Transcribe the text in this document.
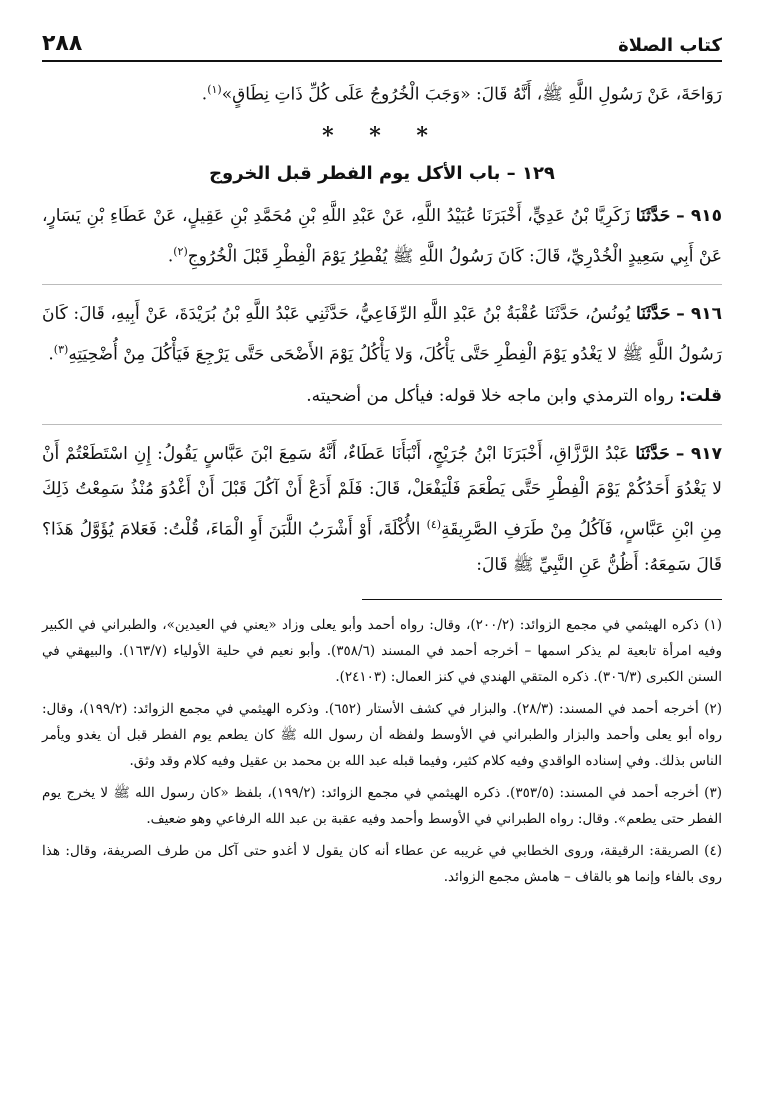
كتاب الصلاة
٢٨٨

رَوَاحَةَ، عَنْ رَسُولِ اللَّهِ ﷺ، أَنَّهُ قَالَ: «وَجَبَ الْخُرُوجُ عَلَى كُلِّ ذَاتِ نِطَاقٍ»$^{(١)}$.

* * *
١٢٩ – باب الأكل يوم الفطر قبل الخروج

٩١٥ – حَدَّثَنَا زَكَرِيَّا بْنُ عَدِيٍّ، أَخْبَرَنَا عُبَيْدُ اللَّهِ، عَنْ عَبْدِ اللَّهِ بْنِ مُحَمَّدِ بْنِ عَقِيلٍ، عَنْ عَطَاءِ بْنِ يَسَارٍ، عَنْ أَبِي سَعِيدٍ الْخُدْرِيِّ، قَالَ: كَانَ رَسُولُ اللَّهِ ﷺ يُفْطِرُ يَوْمَ الْفِطْرِ قَبْلَ الْخُرُوجِ$^{(٢)}$.

٩١٦ – حَدَّثَنَا يُونُسُ، حَدَّثَنَا عُقْبَةُ بْنُ عَبْدِ اللَّهِ الرِّفَاعِيُّ، حَدَّثَنِي عَبْدُ اللَّهِ بْنُ بُرَيْدَةَ، عَنْ أَبِيهِ، قَالَ: كَانَ رَسُولُ اللَّهِ ﷺ لا يَغْدُو يَوْمَ الْفِطْرِ حَتَّى يَأْكُلَ، وَلا يَأْكُلُ يَوْمَ الأَضْحَى حَتَّى يَرْجِعَ فَيَأْكُلَ مِنْ أُضْحِيَتِهِ$^{(٣)}$.

قلت: رواه الترمذي وابن ماجه خلا قوله: فيأكل من أضحيته.

٩١٧ – حَدَّثَنَا عَبْدُ الرَّزَّاقِ، أَخْبَرَنَا ابْنُ جُرَيْجٍ، أَنْبَأَنَا عَطَاءٌ، أَنَّهُ سَمِعَ ابْنَ عَبَّاسٍ يَقُولُ: إِنِ اسْتَطَعْتُمْ أَنْ لا يَغْدُوَ أَحَدُكُمْ يَوْمَ الْفِطْرِ حَتَّى يَطْعَمَ فَلْيَفْعَلْ، قَالَ: فَلَمْ أَدَعْ أَنْ آكُلَ قَبْلَ أَنْ أَغْدُوَ مُنْذُ سَمِعْتُ ذَلِكَ مِنِ ابْنِ عَبَّاسٍ، فَآكُلُ مِنْ طَرَفِ الصَّرِيقَةِ$^{(٤)}$ الأُكْلَةَ، أَوْ أَشْرَبُ اللَّبَنَ أَوِ الْمَاءَ، قُلْتُ: فَعَلامَ يُؤَوَّلُ هَذَا؟ قَالَ سَمِعَهُ: أَظُنُّ عَنِ النَّبِيِّ ﷺ قَالَ:

(١) ذكره الهيثمي في مجمع الزوائد: (٢٠٠/٢)، وقال: رواه أحمد وأبو يعلى وزاد «يعني في العيدين»، والطبراني في الكبير وفيه امرأة تابعية لم يذكر اسمها – أخرجه أحمد في المسند (٣٥٨/٦). وأبو نعيم في حلية الأولياء (١٦٣/٧). والبيهقي في السنن الكبرى (٣٠٦/٣). ذكره المتقي الهندي في كنز العمال: (٢٤١٠٣).

(٢) أخرجه أحمد في المسند: (٢٨/٣). والبزار في كشف الأستار (٦٥٢). وذكره الهيثمي في مجمع الزوائد: (١٩٩/٢)، وقال: رواه أبو يعلى وأحمد والبزار والطبراني في الأوسط ولفظه أن رسول الله ﷺ كان يطعم يوم الفطر قبل أن يغدو ويأمر الناس بذلك. وفي إسناده الواقدي وفيه كلام كثير، وفيما قبله عبد الله بن محمد بن عقيل وفيه كلام وقد وثق.

(٣) أخرجه أحمد في المسند: (٣٥٣/٥). ذكره الهيثمي في مجمع الزوائد: (١٩٩/٢)، بلفظ «كان رسول الله ﷺ لا يخرج يوم الفطر حتى يطعم». وقال: رواه الطبراني في الأوسط وأحمد وفيه عقبة بن عبد الله الرفاعي وهو ضعيف.

(٤) الصريقة: الرقيقة، وروى الخطابي في غريبه عن عطاء أنه كان يقول لا أغدو حتى آكل من طرف الصريفة، وقال: هذا روى بالفاء وإنما هو بالقاف – هامش مجمع الزوائد.
